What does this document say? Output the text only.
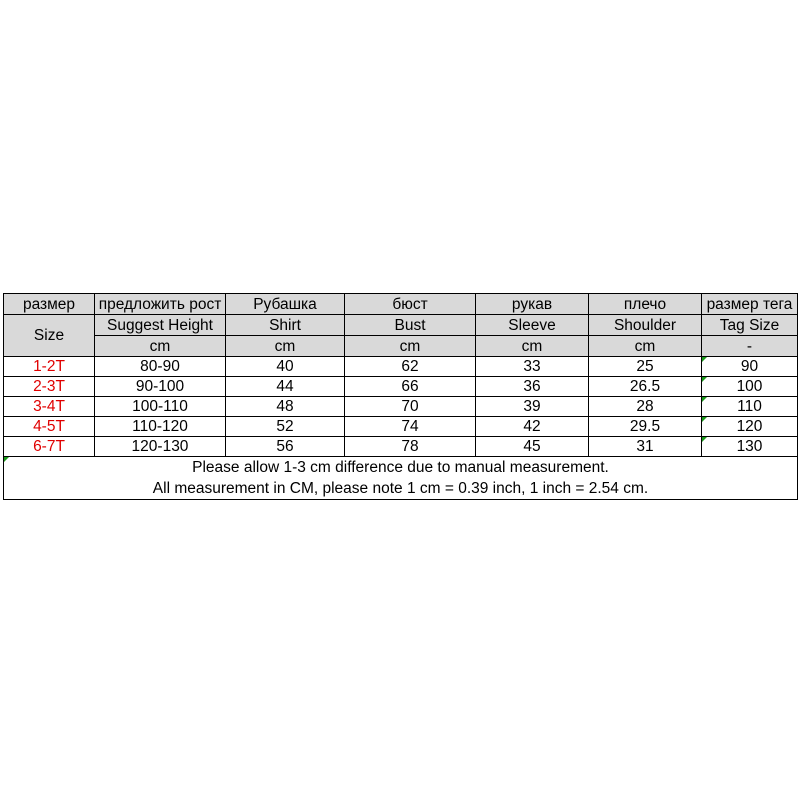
размер	предложить рост	Рубашка	бюст	рукав	плечо	размер тега
Size	Suggest Height	Shirt	Bust	Sleeve	Shoulder	Tag Size
	cm	cm	cm	cm	cm	-
1-2T	80-90	40	62	33	25	90
2-3T	90-100	44	66	36	26.5	100
3-4T	100-110	48	70	39	28	110
4-5T	110-120	52	74	42	29.5	120
6-7T	120-130	56	78	45	31	130

Please allow 1-3 cm difference due to manual measurement.
All measurement in CM, please note 1 cm = 0.39 inch, 1 inch = 2.54 cm.						
